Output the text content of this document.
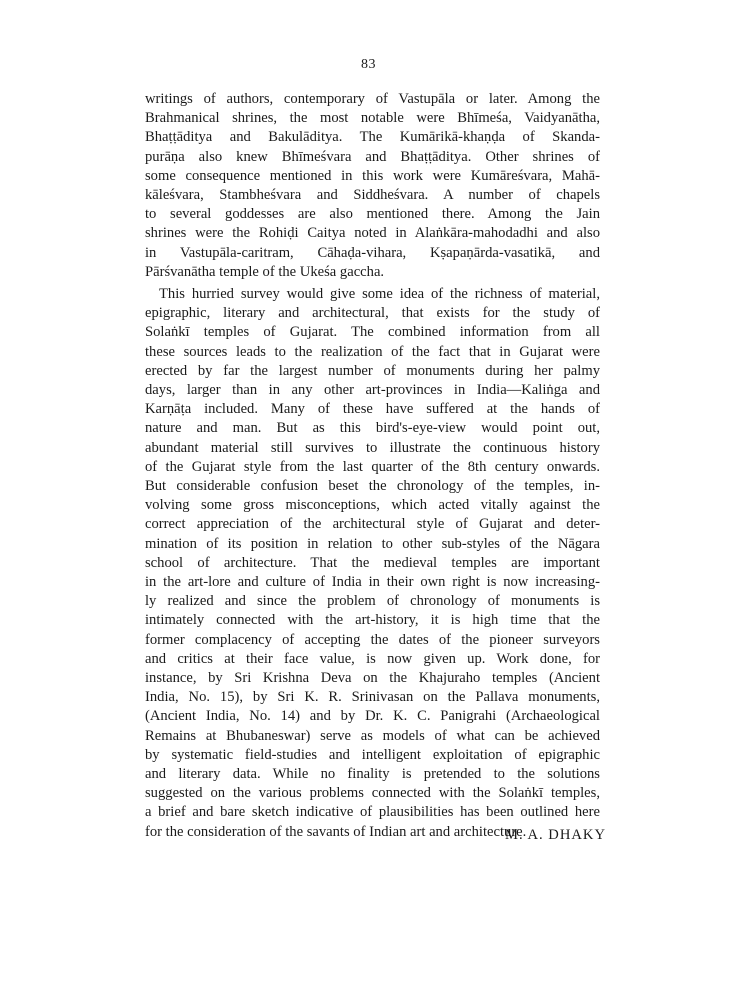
83
writings of authors, contemporary of Vastupāla or later. Among the
Brahmanical shrines, the most notable were Bhīmeśa, Vaidyanātha,
Bhaṭṭāditya and Bakulāditya. The Kumārikā-khaṇḍa of Skanda-
purāṇa also knew Bhīmeśvara and Bhaṭṭāditya. Other shrines of
some consequence mentioned in this work were Kumāreśvara, Mahā-
kāleśvara, Stambheśvara and Siddheśvara. A number of chapels
to several goddesses are also mentioned there. Among the Jain
shrines were the Rohiḍi Caitya noted in Alaṅkāra-mahodadhi and also
in Vastupāla-caritram, Cāhaḍa-vihara, Kṣapaṇārda-vasatikā, and
Pārśvanātha temple of the Ukeśa gaccha.
This hurried survey would give some idea of the richness of material,
epigraphic, literary and architectural, that exists for the study of
Solaṅkī temples of Gujarat. The combined information from all
these sources leads to the realization of the fact that in Gujarat were
erected by far the largest number of monuments during her palmy
days, larger than in any other art-provinces in India—Kaliṅga and
Karṇāṭa included. Many of these have suffered at the hands of
nature and man. But as this bird's-eye-view would point out,
abundant material still survives to illustrate the continuous history
of the Gujarat style from the last quarter of the 8th century onwards.
But considerable confusion beset the chronology of the temples, in-
volving some gross misconceptions, which acted vitally against the
correct appreciation of the architectural style of Gujarat and deter-
mination of its position in relation to other sub-styles of the Nāgara
school of architecture. That the medieval temples are important
in the art-lore and culture of India in their own right is now increasing-
ly realized and since the problem of chronology of monuments is
intimately connected with the art-history, it is high time that the
former complacency of accepting the dates of the pioneer surveyors
and critics at their face value, is now given up. Work done, for
instance, by Sri Krishna Deva on the Khajuraho temples (Ancient
India, No. 15), by Sri K. R. Srinivasan on the Pallava monuments,
(Ancient India, No. 14) and by Dr. K. C. Panigrahi (Archaeological
Remains at Bhubaneswar) serve as models of what can be achieved
by systematic field-studies and intelligent exploitation of epigraphic
and literary data. While no finality is pretended to the solutions
suggested on the various problems connected with the Solaṅkī temples,
a brief and bare sketch indicative of plausibilities has been outlined here
for the consideration of the savants of Indian art and architecture.
M. A. DHAKY
